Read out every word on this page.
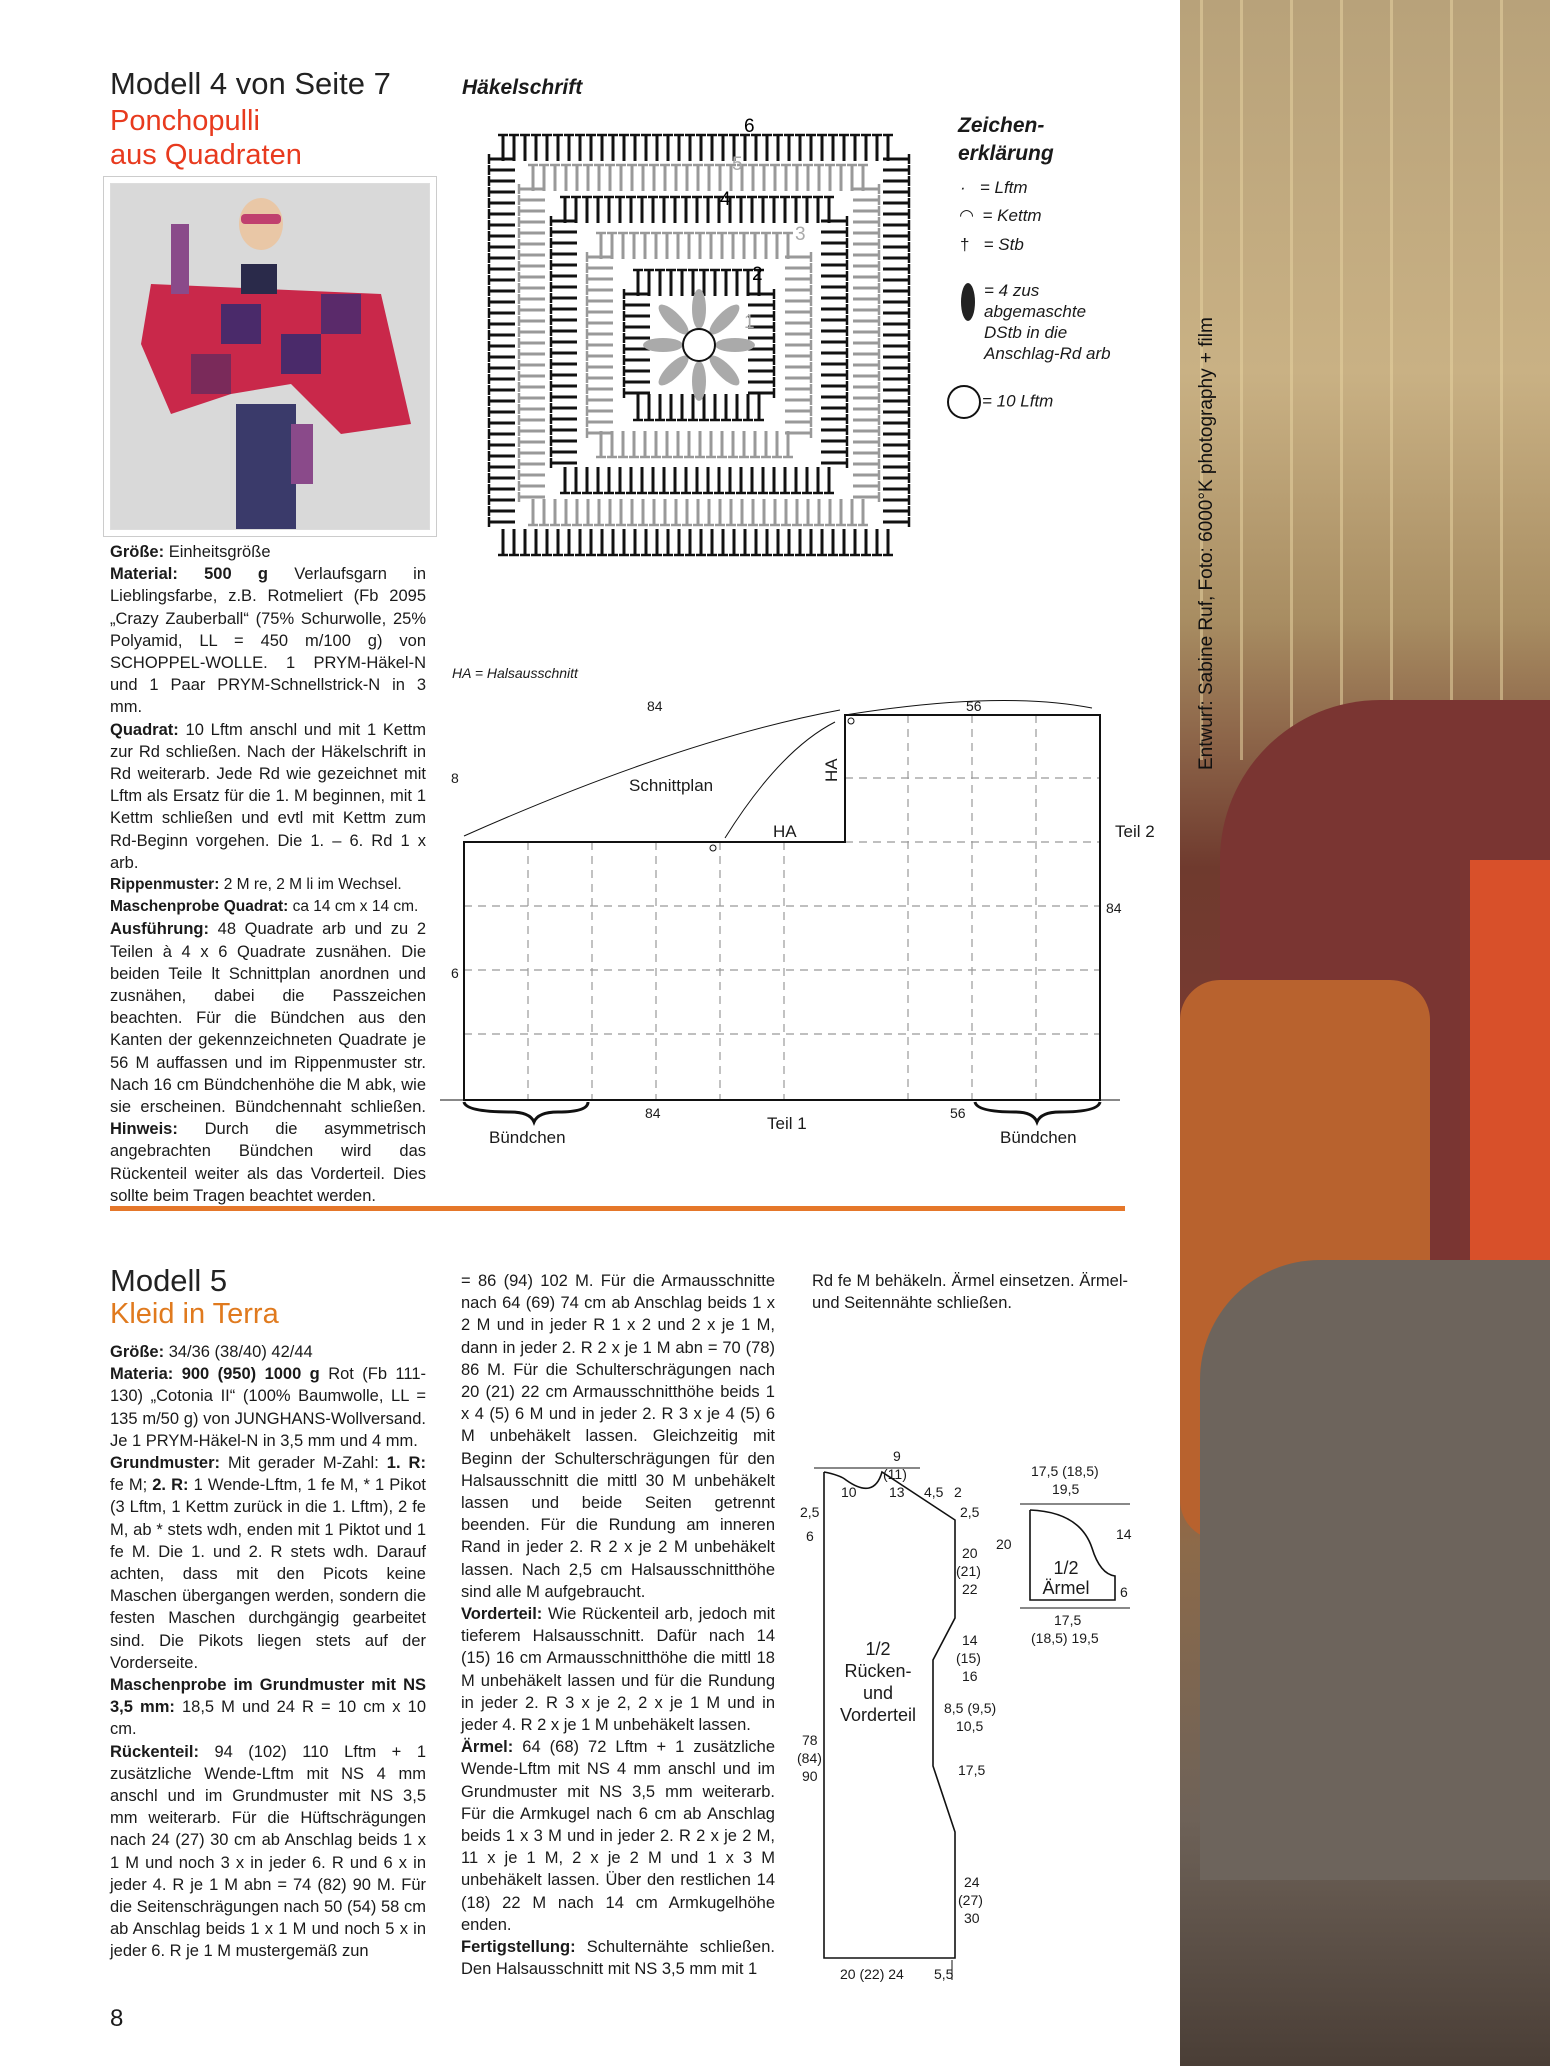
Entwurf: Sabine Ruf, Foto: 6000°K photography + film
Modell 4 von Seite 7
Ponchopulli
aus Quadraten

Größe: Einheitsgröße

Material: 500 g Verlaufsgarn in Lieblingsfarbe, z.B. Rotmeliert (Fb 2095 „Crazy Zauberball“ (75% Schurwolle, 25% Polyamid, LL = 450 m/100 g) von SCHOPPEL-WOLLE. 1 PRYM-Häkel-N und 1 Paar PRYM-Schnellstrick-N in 3 mm.

Quadrat: 10 Lftm anschl und mit 1 Kettm zur Rd schließen. Nach der Häkelschrift in Rd weiterarb. Jede Rd wie gezeichnet mit Lftm als Ersatz für die 1. M beginnen, mit 1 Kettm schließen und evtl mit Kettm zum Rd-Beginn vorgehen. Die 1. – 6. Rd 1 x arb.

Rippenmuster: 2 M re, 2 M li im Wechsel.

Maschenprobe Quadrat: ca 14 cm x 14 cm.

Ausführung: 48 Quadrate arb und zu 2 Teilen à 4 x 6 Quadrate zusnähen. Die beiden Teile lt Schnittplan anordnen und zusnähen, dabei die Passzeichen beachten. Für die Bündchen aus den Kanten der gekennzeichneten Quadrate je 56 M auffassen und im Rippenmuster str. Nach 16 cm Bündchenhöhe die M abk, wie sie erscheinen. Bündchennaht schließen. Hinweis: Durch die asymmetrisch angebrachten Bündchen wird das Rückenteil weiter als das Vorderteil. Dies sollte beim Tragen beachtet werden.

Häkelschrift
6
5
4
3
2
1
Zeichen-
erklärung
· = Lftm
◠ = Kettm
† = Stb
= 4 zus abgemaschte DStb in die Anschlag-Rd arb
= 10 Lftm
HA = Halsausschnitt
84	56
8
6
84
84	56
Schnittplan
HA
HA
Teil 2
Teil 1
Bündchen	Bündchen
Modell 5
Kleid in Terra

Größe: 34/36 (38/40) 42/44

Materia: 900 (950) 1000 g Rot (Fb 111-130) „Cotonia II“ (100% Baumwolle, LL = 135 m/50 g) von JUNGHANS-Wollversand. Je 1 PRYM-Häkel-N in 3,5 mm und 4 mm.

Grundmuster: Mit gerader M-Zahl: 1. R: fe M; 2. R: 1 Wende-Lftm, 1 fe M, * 1 Pikot (3 Lftm, 1 Kettm zurück in die 1. Lftm), 2 fe M, ab * stets wdh, enden mit 1 Piktot und 1 fe M. Die 1. und 2. R stets wdh. Darauf achten, dass mit den Picots keine Maschen übergangen werden, sondern die festen Maschen durchgängig gearbeitet sind. Die Pikots liegen stets auf der Vorderseite.

Maschenprobe im Grundmuster mit NS 3,5 mm: 18,5 M und 24 R = 10 cm x 10 cm.

Rückenteil: 94 (102) 110 Lftm + 1 zusätzliche Wende-Lftm mit NS 4 mm anschl und im Grundmuster mit NS 3,5 mm weiterarb. Für die Hüftschrägungen nach 24 (27) 30 cm ab Anschlag beids 1 x 1 M und noch 3 x in jeder 6. R und 6 x in jeder 4. R je 1 M abn = 74 (82) 90 M. Für die Seitenschrägungen nach 50 (54) 58 cm ab Anschlag beids 1 x 1 M und noch 5 x in jeder 6. R je 1 M mustergemäß zun

= 86 (94) 102 M. Für die Armausschnitte nach 64 (69) 74 cm ab Anschlag beids 1 x 2 M und in jeder R 1 x 2 und 2 x je 1 M, dann in jeder 2. R 2 x je 1 M abn = 70 (78) 86 M. Für die Schulterschrägungen nach 20 (21) 22 cm Armausschnitthöhe beids 1 x 4 (5) 6 M und in jeder 2. R 3 x je 4 (5) 6 M unbehäkelt lassen. Gleichzeitig mit Beginn der Schulterschrägungen für den Halsausschnitt die mittl 30 M unbehäkelt lassen und beide Seiten getrennt beenden. Für die Rundung am inneren Rand in jeder 2. R 2 x je 2 M unbehäkelt lassen. Nach 2,5 cm Halsausschnitthöhe sind alle M aufgebraucht.

Vorderteil: Wie Rückenteil arb, jedoch mit tieferem Halsausschnitt. Dafür nach 14 (15) 16 cm Armausschnitthöhe die mittl 18 M unbehäkelt lassen und für die Rundung in jeder 2. R 3 x je 2, 2 x je 1 M und in jeder 4. R 2 x je 1 M unbehäkelt lassen.

Ärmel: 64 (68) 72 Lftm + 1 zusätzliche Wende-Lftm mit NS 4 mm anschl und im Grundmuster mit NS 3,5 mm weiterarb. Für die Armkugel nach 6 cm ab Anschlag beids 1 x 3 M und in jeder 2. R 2 x je 2 M, 11 x je 1 M, 2 x je 2 M und 1 x 3 M unbehäkelt lassen. Über den restlichen 14 (18) 22 M nach 14 cm Armkugelhöhe enden.

Fertigstellung: Schulternähte schließen. Den Halsausschnitt mit NS 3,5 mm mit 1

Rd fe M behäkeln. Ärmel einsetzen. Ärmel- und Seitennähte schließen.

9
(11)
13
10	4,5 2
2,5
6
2,5
20
(21)
22
14
(15)
16
8,5 (9,5)
10,5
17,5
78
(84)
90
24
(27)
30
20 (22) 24 5,5
1/2
Rücken-
und
Vorderteil
17,5 (18,5)
19,5
20
14
6
17,5
(18,5) 19,5
1/2
Ärmel
8
